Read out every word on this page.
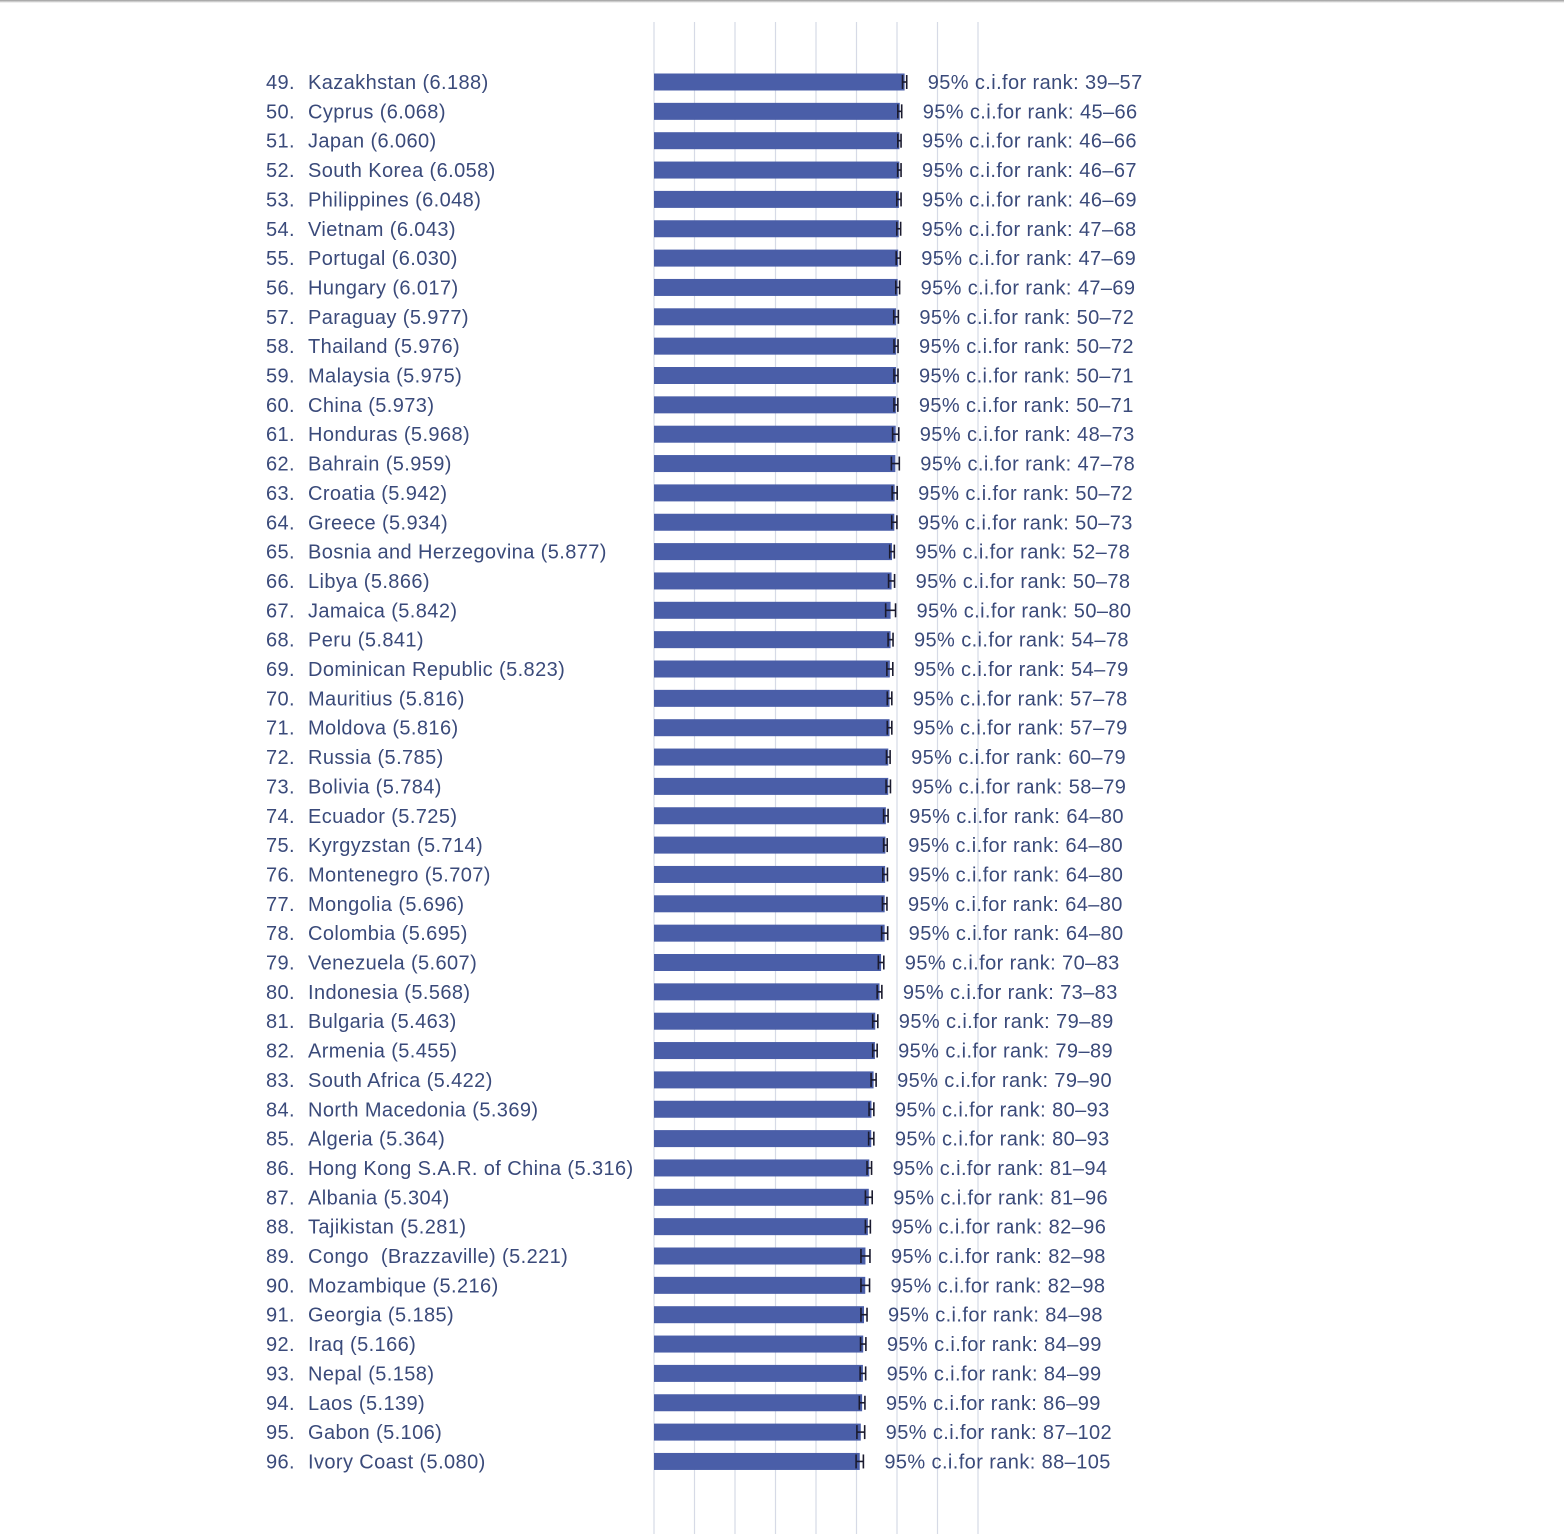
49. Kazakhstan (6.188)	95% c.i.for rank: 39–57
50. Cyprus (6.068)	95% c.i.for rank: 45–66
51. Japan (6.060)	95% c.i.for rank: 46–66
52. South Korea (6.058)	95% c.i.for rank: 46–67
53. Philippines (6.048)	95% c.i.for rank: 46–69
54. Vietnam (6.043)	95% c.i.for rank: 47–68
55. Portugal (6.030)	95% c.i.for rank: 47–69
56. Hungary (6.017)	95% c.i.for rank: 47–69
57. Paraguay (5.977)	95% c.i.for rank: 50–72
58. Thailand (5.976)	95% c.i.for rank: 50–72
59. Malaysia (5.975)	95% c.i.for rank: 50–71
60. China (5.973)	95% c.i.for rank: 50–71
61. Honduras (5.968)	95% c.i.for rank: 48–73
62. Bahrain (5.959)	95% c.i.for rank: 47–78
63. Croatia (5.942)	95% c.i.for rank: 50–72
64. Greece (5.934)	95% c.i.for rank: 50–73
65. Bosnia and Herzegovina (5.877)	95% c.i.for rank: 52–78
66. Libya (5.866)	95% c.i.for rank: 50–78
67. Jamaica (5.842)	95% c.i.for rank: 50–80
68. Peru (5.841)	95% c.i.for rank: 54–78
69. Dominican Republic (5.823)	95% c.i.for rank: 54–79
70. Mauritius (5.816)	95% c.i.for rank: 57–78
71. Moldova (5.816)	95% c.i.for rank: 57–79
72. Russia (5.785)	95% c.i.for rank: 60–79
73. Bolivia (5.784)	95% c.i.for rank: 58–79
74. Ecuador (5.725)	95% c.i.for rank: 64–80
75. Kyrgyzstan (5.714)	95% c.i.for rank: 64–80
76. Montenegro (5.707)	95% c.i.for rank: 64–80
77. Mongolia (5.696)	95% c.i.for rank: 64–80
78. Colombia (5.695)	95% c.i.for rank: 64–80
79. Venezuela (5.607)	95% c.i.for rank: 70–83
80. Indonesia (5.568)	95% c.i.for rank: 73–83
81. Bulgaria (5.463)	95% c.i.for rank: 79–89
82. Armenia (5.455)	95% c.i.for rank: 79–89
83. South Africa (5.422)	95% c.i.for rank: 79–90
84. North Macedonia (5.369)	95% c.i.for rank: 80–93
85. Algeria (5.364)	95% c.i.for rank: 80–93
86. Hong Kong S.A.R. of China (5.316)	95% c.i.for rank: 81–94
87. Albania (5.304)	95% c.i.for rank: 81–96
88. Tajikistan (5.281)	95% c.i.for rank: 82–96
89. Congo  (Brazzaville) (5.221)	95% c.i.for rank: 82–98
90. Mozambique (5.216)	95% c.i.for rank: 82–98
91. Georgia (5.185)	95% c.i.for rank: 84–98
92. Iraq (5.166)	95% c.i.for rank: 84–99
93. Nepal (5.158)	95% c.i.for rank: 84–99
94. Laos (5.139)	95% c.i.for rank: 86–99
95. Gabon (5.106)	95% c.i.for rank: 87–102
96. Ivory Coast (5.080)	95% c.i.for rank: 88–105
